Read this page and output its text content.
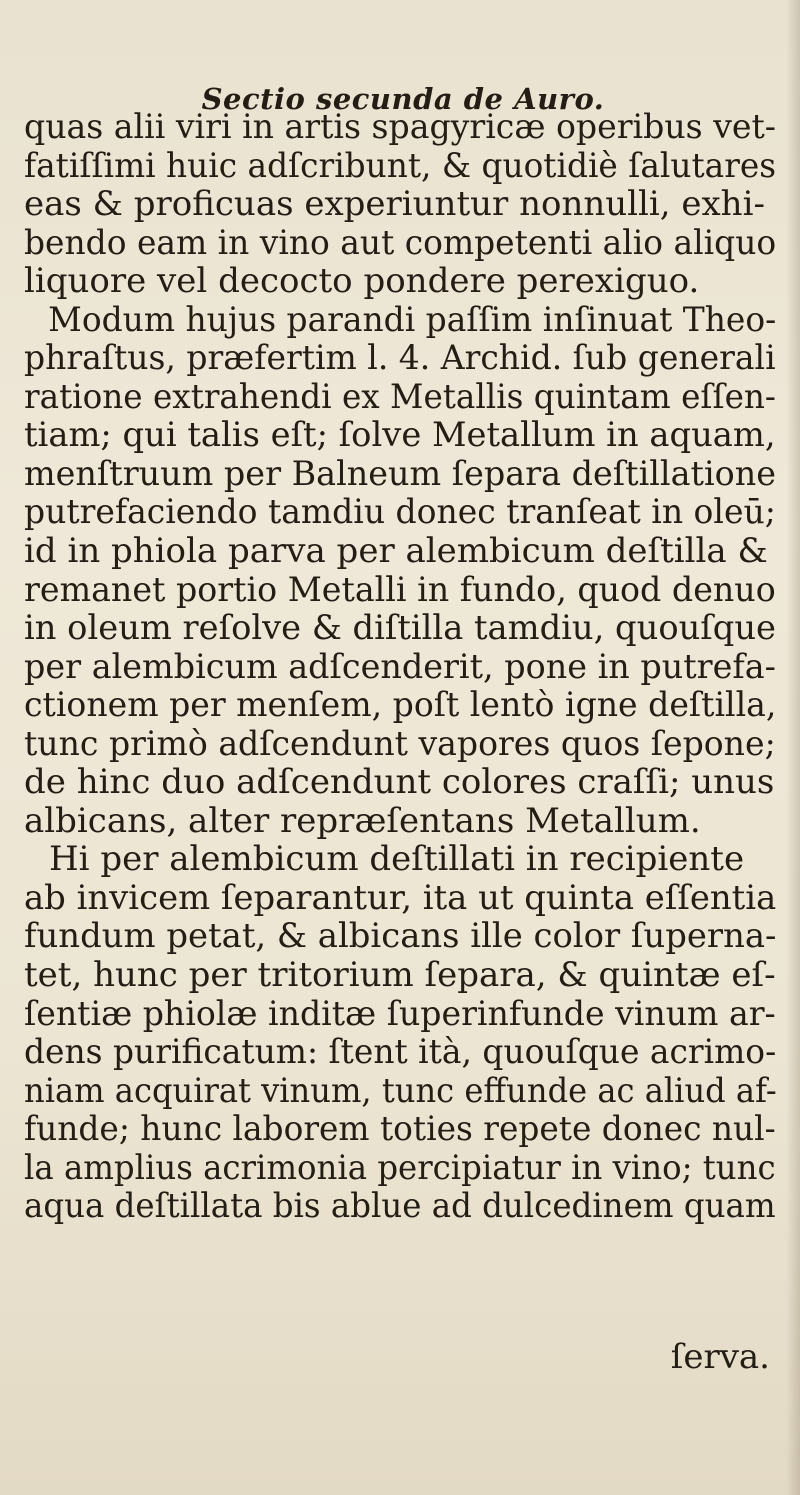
Sectio secunda de Auro.
quas alii viri in artis spagyricæ operibus vet-
fatiſſimi huic adſcribunt, & quotidiè ſalutares
eas & proficuas experiuntur nonnulli, exhi-
bendo eam in vino aut competenti alio aliquo
liquore vel decocto pondere perexiguo.
Modum hujus parandi paſſim inſinuat Theo-
phraſtus, præfertim l. 4. Archid. ſub generali
ratione extrahendi ex Metallis quintam eſſen-
tiam; qui talis eſt; ſolve Metallum in aquam,
menſtruum per Balneum ſepara deſtillatione
putrefaciendo tamdiu donec tranſeat in oleū;
id in phiola parva per alembicum deſtilla &
remanet portio Metalli in fundo, quod denuo
in oleum reſolve & diſtilla tamdiu, quouſque
per alembicum adſcenderit, pone in putrefa-
ctionem per menſem, poſt lentò igne deſtilla,
tunc primò adſcendunt vapores quos ſepone;
de hinc duo adſcendunt colores craſſi; unus
albicans, alter repræſentans Metallum.
Hi per alembicum deſtillati in recipiente
ab invicem ſeparantur, ita ut quinta eſſentia
fundum petat, & albicans ille color ſuperna-
tet, hunc per tritorium ſepara, & quintæ eſ-
ſentiæ phiolæ inditæ ſuperinfunde vinum ar-
dens purificatum: ſtent ità, quouſque acrimo-
niam acquirat vinum, tunc effunde ac aliud af-
funde; hunc laborem toties repete donec nul-
la amplius acrimonia percipiatur in vino; tunc
aqua deſtillata bis ablue ad dulcedinem quam
ſerva.
